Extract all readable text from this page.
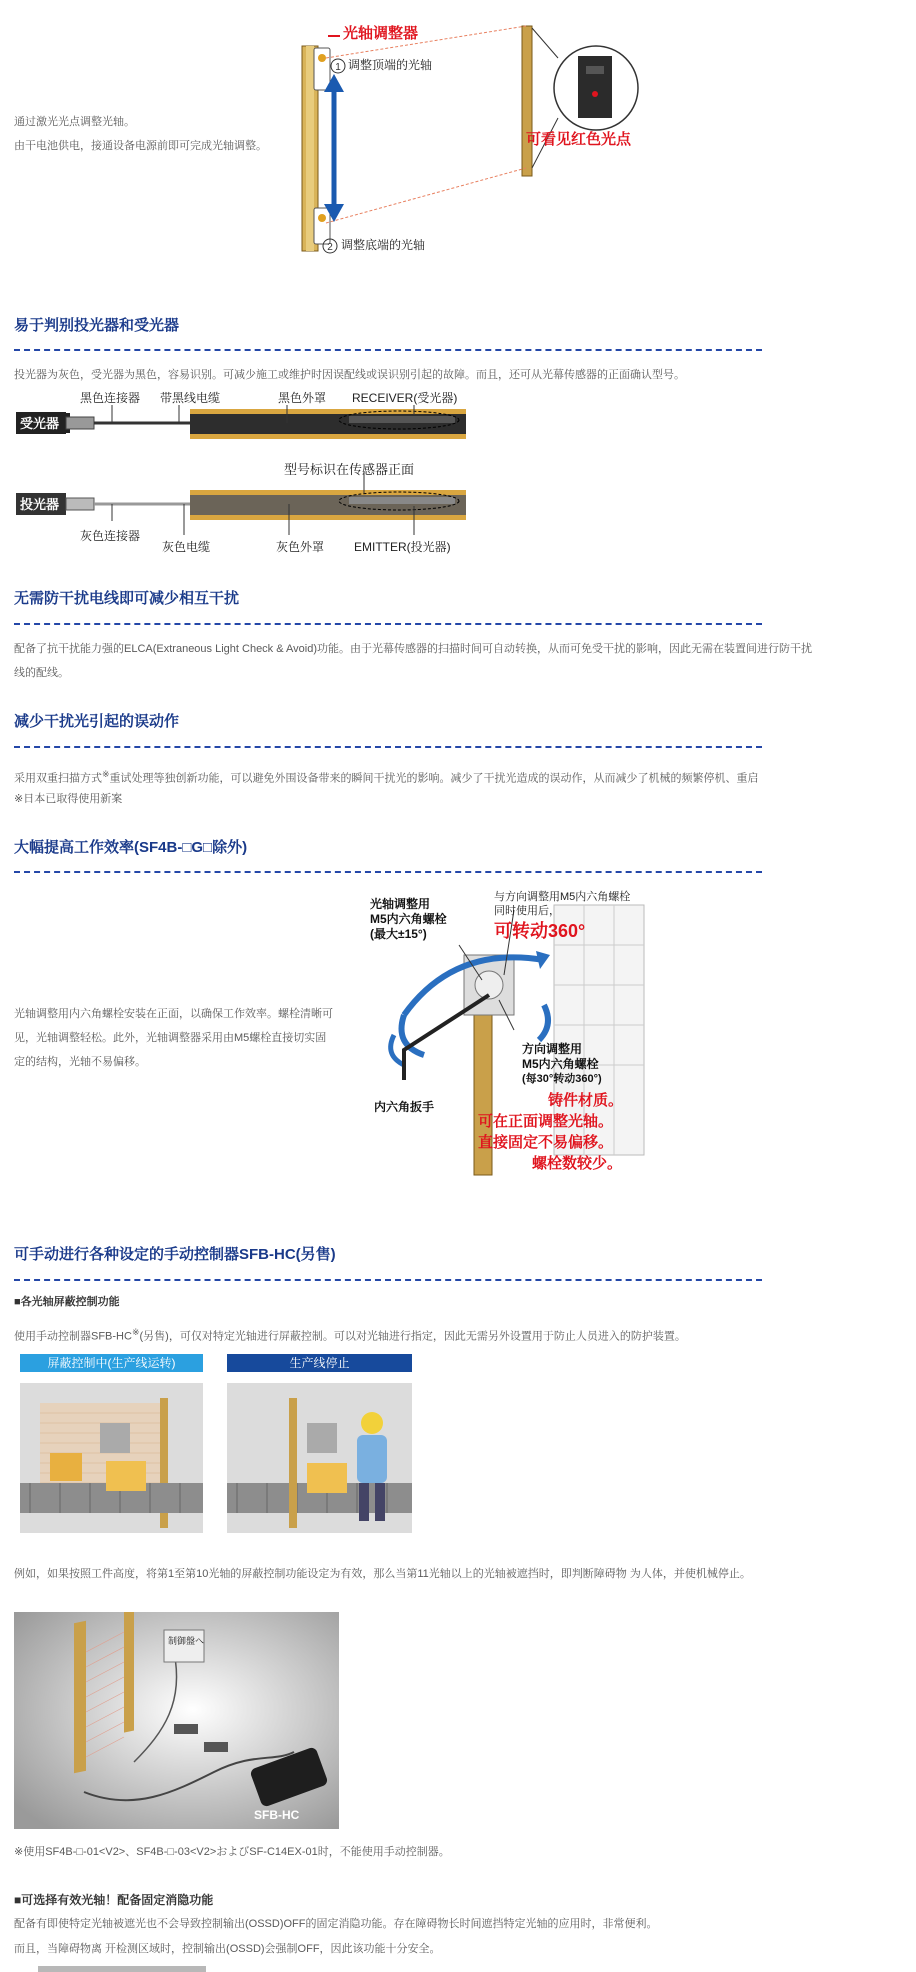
通过激光光点调整光轴。
由干电池供电，接通设备电源前即可完成光轴调整。
1
2
光轴调整器
调整顶端的光轴
调整底端的光轴
可看见红色光点
易于判别投光器和受光器
投光器为灰色，受光器为黑色，容易识别。可减少施工或维护时因误配线或误识别引起的故障。而且，还可从光幕传感器的正面确认型号。
受光器
投光器
黑色连接器 带黑线电缆	黑色外罩 RECEIVER(受光器)
型号标识在传感器正面
灰色连接器
灰色电缆	灰色外罩 EMITTER(投光器)
无需防干扰电线即可减少相互干扰
配备了抗干扰能力强的ELCA(Extraneous Light Check & Avoid)功能。由于光幕传感器的扫描时间可自动转换，从而可免受干扰的影响，因此无需在装置间进行防干扰
线的配线。
减少干扰光引起的误动作
采用双重扫描方式※重试处理等独创新功能，可以避免外围设备带来的瞬间干扰光的影响。减少了干扰光造成的误动作，从而减少了机械的频繁停机、重启
※日本已取得使用新案
大幅提高工作效率(SF4B-□G□除外)
光轴调整用内六角螺栓安装在正面，以确保工作效率。螺栓清晰可
见，光轴调整轻松。此外，光轴调整器采用由M5螺栓直接切实固
定的结构，光轴不易偏移。
光轴调整用
M5内六角螺栓
(最大±15°)
与方向调整用M5内六角螺栓
同时使用后，
可转动360°
方向调整用
M5内六角螺栓
(每30°转动360°)
内六角扳手	铸件材质。
可在正面调整光轴。
直接固定不易偏移。
螺栓数较少。
可手动进行各种设定的手动控制器SFB-HC(另售)
■各光轴屏蔽控制功能
使用手动控制器SFB-HC※(另售)，可仅对特定光轴进行屏蔽控制。可以对光轴进行指定，因此无需另外设置用于防止人员进入的防护装置。
屏蔽控制中(生产线运转)	生产线停止
例如，如果按照工件高度，将第1至第10光轴的屏蔽控制功能设定为有效，那么当第11光轴以上的光轴被遮挡时，即判断障碍物 为人体，并使机械停止。
制御盤へ
SFB-HC
※使用SF4B-□-01<V2>、SF4B-□-03<V2>およびSF-C14EX-01时，不能使用手动控制器。
■可选择有效光轴！配备固定消隐功能
配备有即使特定光轴被遮光也不会导致控制输出(OSSD)OFF的固定消隐功能。存在障碍物长时间遮挡特定光轴的应用时，非常便利。
而且，当障碍物离 开检测区域时，控制输出(OSSD)会强制OFF，因此该功能十分安全。
